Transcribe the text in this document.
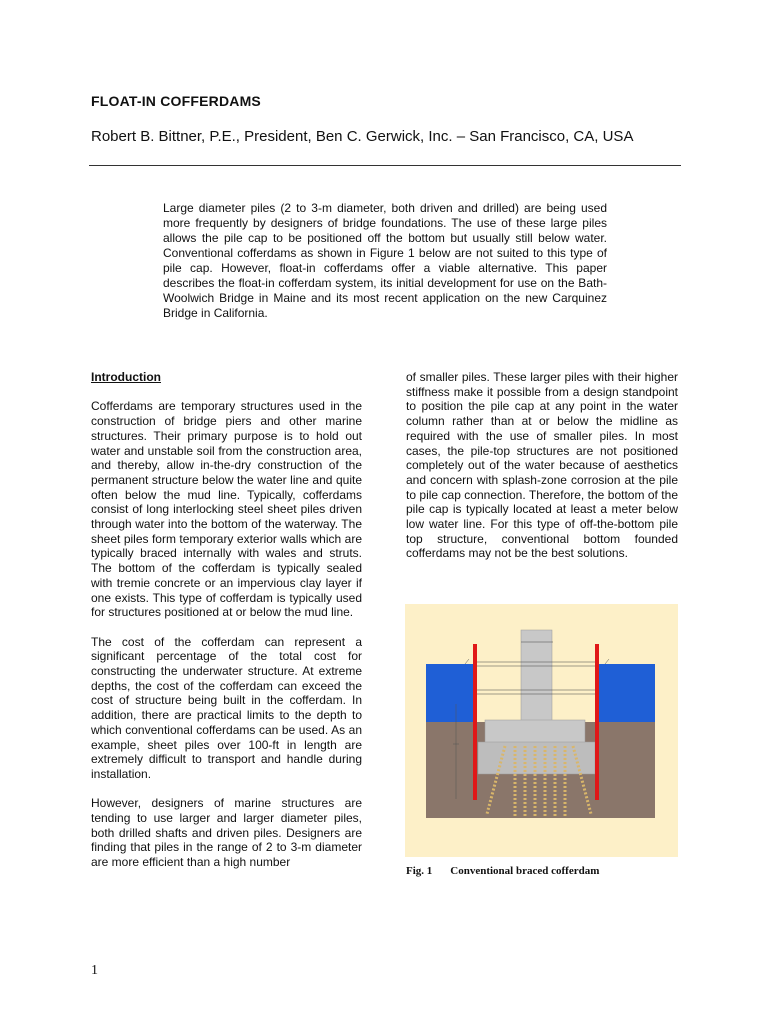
FLOAT-IN COFFERDAMS
Robert B. Bittner, P.E., President, Ben C. Gerwick, Inc. – San Francisco, CA, USA
Large diameter piles (2 to 3-m diameter, both driven and drilled) are being used more frequently by designers of bridge foundations. The use of these large piles allows the pile cap to be positioned off the bottom but usually still below water. Conventional cofferdams as shown in Figure 1 below are not suited to this type of pile cap. However, float-in cofferdams offer a viable alternative. This paper describes the float-in cofferdam system, its initial development for use on the Bath-Woolwich Bridge in Maine and its most recent application on the new Carquinez Bridge in California.
Introduction

Cofferdams are temporary structures used in the construction of bridge piers and other marine structures. Their primary purpose is to hold out water and unstable soil from the construction area, and thereby, allow in-the-dry construction of the permanent structure below the water line and quite often below the mud line. Typically, cofferdams consist of long interlocking steel sheet piles driven through water into the bottom of the waterway. The sheet piles form temporary exterior walls which are typically braced internally with wales and struts. The bottom of the cofferdam is typically sealed with tremie concrete or an impervious clay layer if one exists. This type of cofferdam is typically used for structures positioned at or below the mud line.

The cost of the cofferdam can represent a significant percentage of the total cost for constructing the underwater structure. At extreme depths, the cost of the cofferdam can exceed the cost of structure being built in the cofferdam. In addition, there are practical limits to the depth to which conventional cofferdams can be used. As an example, sheet piles over 100-ft in length are extremely difficult to transport and handle during installation.

However, designers of marine structures are tending to use larger and larger diameter piles, both drilled shafts and driven piles. Designers are finding that piles in the range of 2 to 3-m diameter are more efficient than a high number

of smaller piles. These larger piles with their higher stiffness make it possible from a design standpoint to position the pile cap at any point in the water column rather than at or below the midline as required with the use of smaller piles. In most cases, the pile-top structures are not positioned completely out of the water because of aesthetics and concern with splash-zone corrosion at the pile to pile cap connection. Therefore, the bottom of the pile cap is typically located at least a meter below low water line. For this type of off-the-bottom pile top structure, conventional bottom founded cofferdams may not be the best solutions.

Fig. 1 Conventional braced cofferdam
1
